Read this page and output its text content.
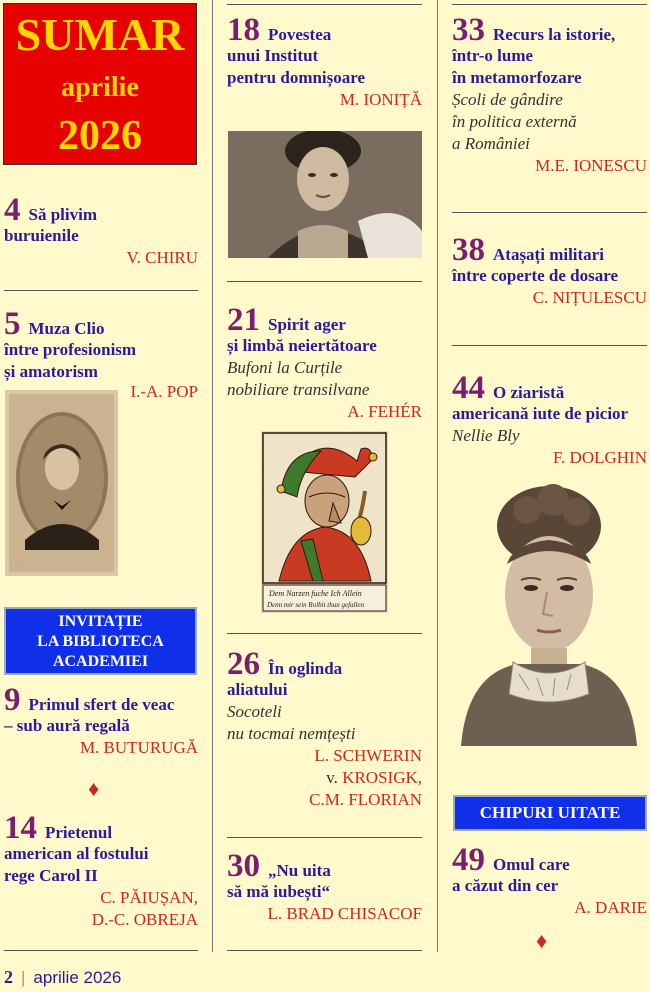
SUMAR
aprilie
2026
4 Să plivim
buruienile
V. CHIRU
5 Muza Clio
între profesionism
și amatorism
I.-A. POP
· · ·
INVITAȚIE
LA BIBLIOTECA
ACADEMIEI
9 Primul sfert de veac
– sub aură regală
M. BUTURUGĂ
♦
14 Prietenul
american al fostului
rege Carol II
C. PĂIUȘAN,
D.-C. OBREJA
18 Povestea
unui Institut
pentru domnișoare
M. IONIȚĂ
21 Spirit ager
și limbă neiertătoare
Bufoni la Curțile
nobiliare transilvane
A. FEHÉR
Dem Narzen fuche Ich Allein
Denn mir sein Rolbit thun gefallen
26 În oglinda
aliatului
Socoteli
nu tocmai nemțești
L. SCHWERIN
v. KROSIGK,
C.M. FLORIAN
30 „Nu uita
să mă iubești“
L. BRAD CHISACOF
33 Recurs la istorie,
într-o lume
în metamorfozare
Școli de gândire
în politica externă
a României
M.E. IONESCU
38 Atașați militari
între coperte de dosare
C. NIȚULESCU
44 O ziaristă
americană iute de picior
Nellie Bly
F. DOLGHIN
CHIPURI UITATE
49 Omul care
a căzut din cer
A. DARIE
♦
2 | aprilie 2026
